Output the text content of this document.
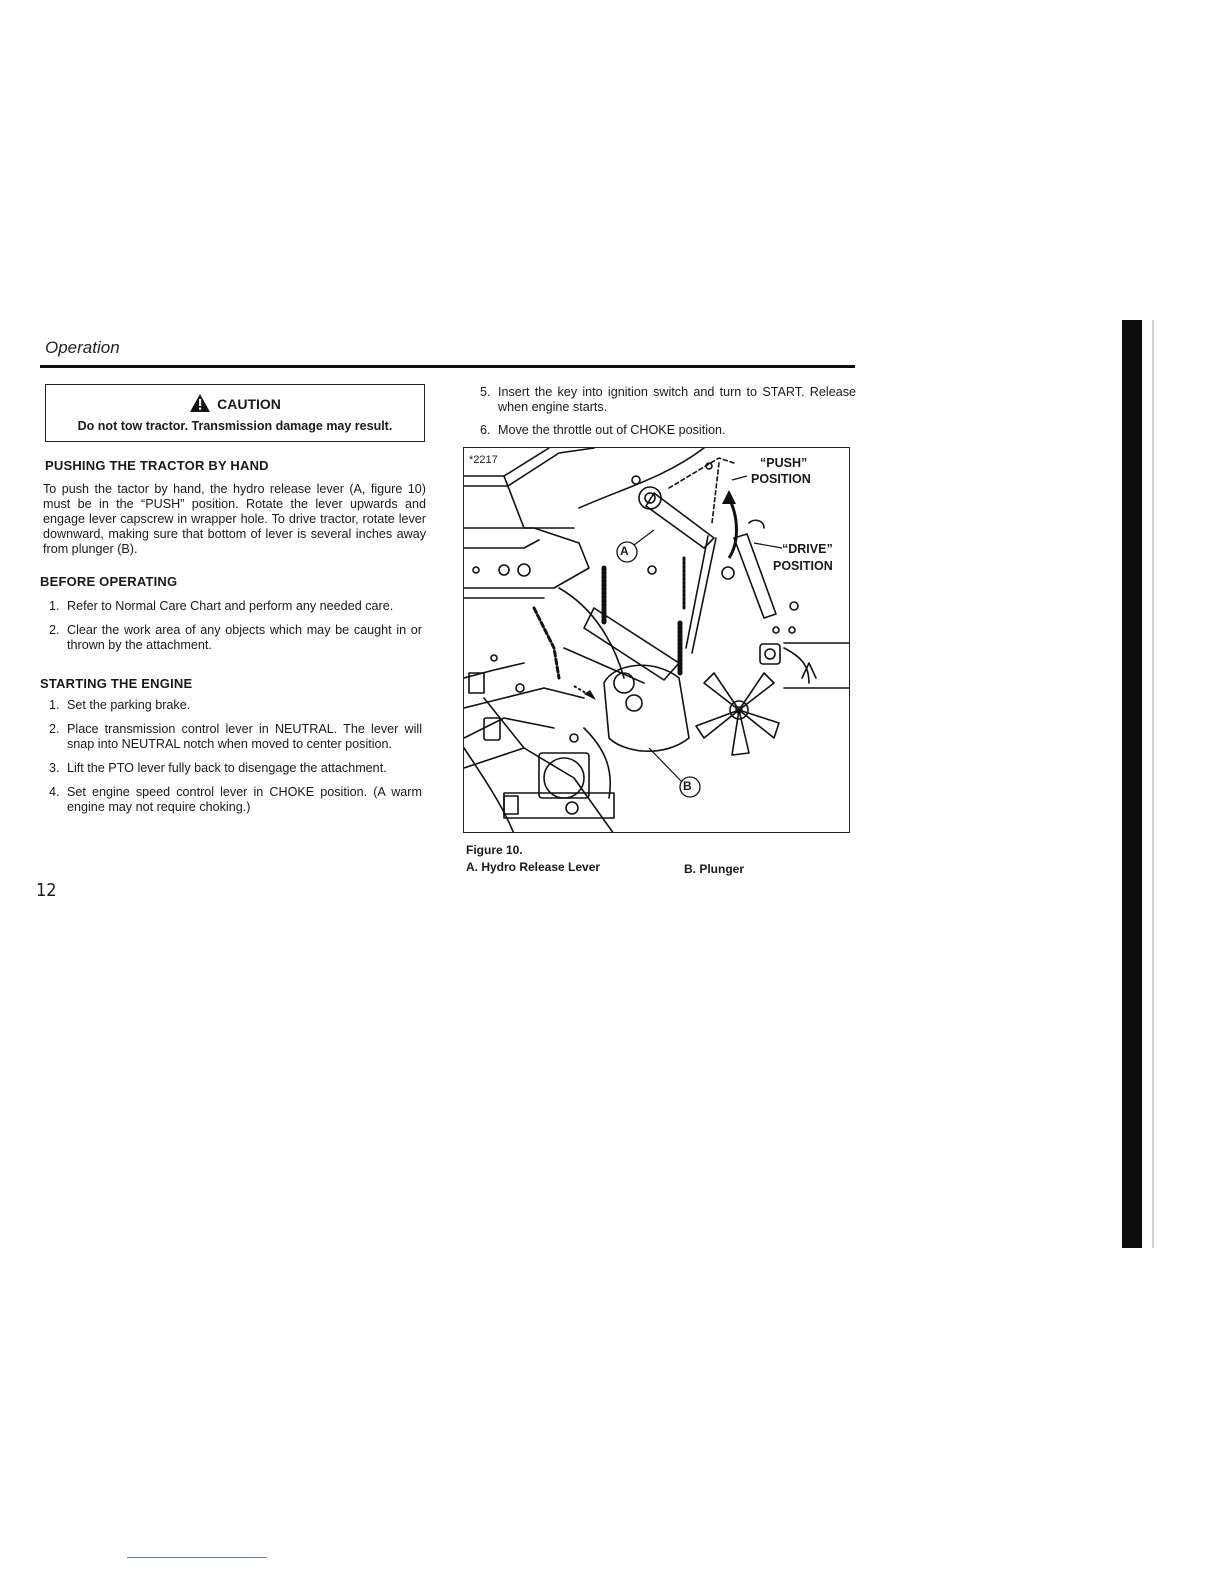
Operation
CAUTION
Do not tow tractor. Transmission damage may result.
PUSHING THE TRACTOR BY HAND
To push the tactor by hand, the hydro release lever (A, figure 10) must be in the “PUSH” position. Rotate the lever upwards and engage lever capscrew in wrapper hole. To drive tractor, rotate lever downward, making sure that bottom of lever is several inches away from plunger (B).
BEFORE OPERATING
1. Refer to Normal Care Chart and perform any needed care.
2. Clear the work area of any objects which may be caught in or thrown by the attachment.
STARTING THE ENGINE
1. Set the parking brake.
2. Place transmission control lever in NEUTRAL. The lever will snap into NEUTRAL notch when moved to center position.
3. Lift the PTO lever fully back to disengage the attachment.
4. Set engine speed control lever in CHOKE position. (A warm engine may not require choking.)
5. Insert the key into ignition switch and turn to START. Release when engine starts.
6. Move the throttle out of CHOKE position.
*2217
A
B
“PUSH”
POSITION
“DRIVE”
POSITION
Figure 10.
A. Hydro Release Lever	B. Plunger
12
